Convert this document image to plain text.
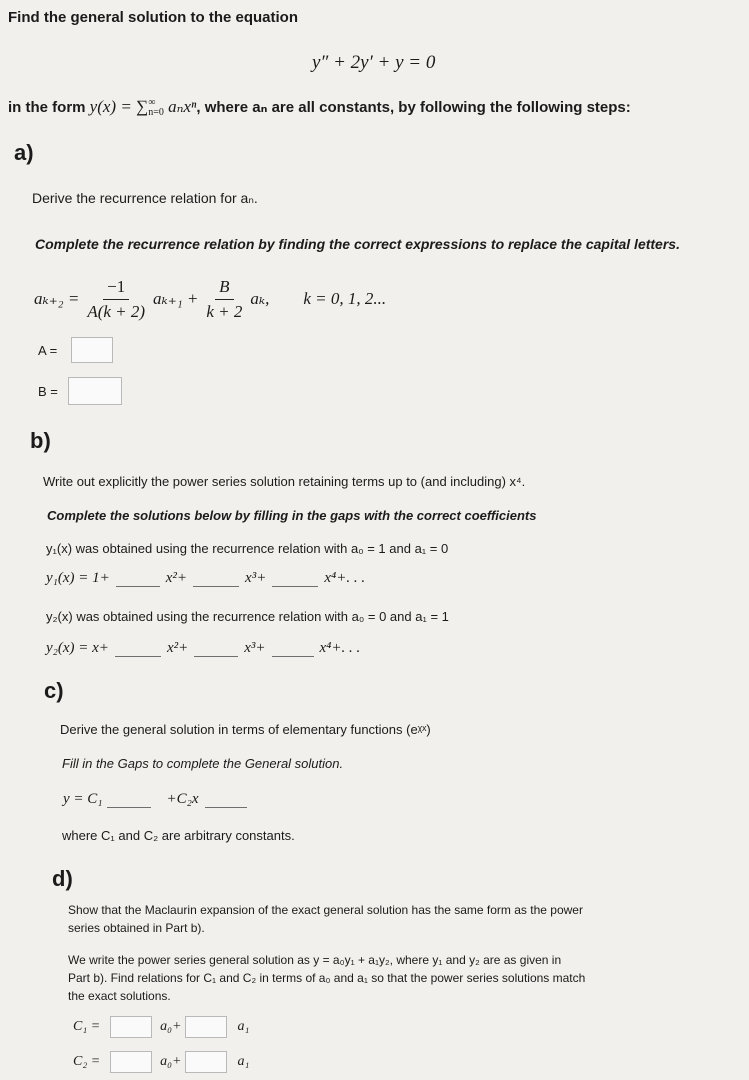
Find the general solution to the equation
y″ + 2y′ + y = 0
in the form y(x) = ∑ ∞
n=0 aₙxⁿ, where aₙ are all constants, by following the following steps:
a)
Derive the recurrence relation for aₙ.
Complete the recurrence relation by finding the correct expressions to replace the capital letters.
$a_{k+2} = \frac{-1}{A(k + 2)} a_{k+1} + \frac{B}{k + 2} a_k$, k = 0, 1, 2...
A =
B =
b)
Write out explicitly the power series solution retaining terms up to (and including) x⁴.
Complete the solutions below by filling in the gaps with the correct coefficients
y₁(x) was obtained using the recurrence relation with a₀ = 1 and a₁ = 0
y₁(x) = 1+	x²+	x³+	x⁴+. . .
y₂(x) was obtained using the recurrence relation with a₀ = 0 and a₁ = 1
y₂(x) = x+	x²+	x³+	x⁴+. . .
c)
Derive the general solution in terms of elementary functions (eᵡˣ)
Fill in the Gaps to complete the General solution.
y = C₁	+C₂x
where C₁ and C₂ are arbitrary constants.
d)
Show that the Maclaurin expansion of the exact general solution has the same form as the power
series obtained in Part b).
We write the power series general solution as y = a₀y₁ + a₁y₂, where y₁ and y₂ are as given in
Part b). Find relations for C₁ and C₂ in terms of a₀ and a₁ so that the power series solutions match
the exact solutions.
C₁ =	a₀+	a₁
C₂ =	a₀+	a₁
